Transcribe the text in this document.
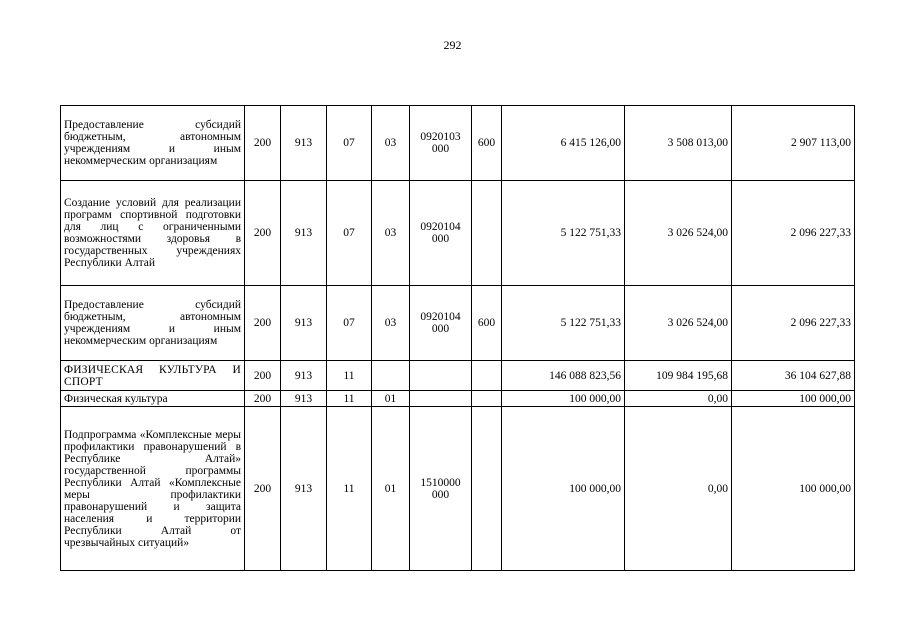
292
Предоставление субсидий бюджетным, автономным учреждениям и иным некоммерческим организациям	200	913	07	03	0920103 000	600	6 415 126,00	3 508 013,00	2 907 113,00
Создание условий для реализации программ спортивной подготовки для лиц с ограниченными возможностями здоровья в государственных учреждениях Республики Алтай	200	913	07	03	0920104 000		5 122 751,33	3 026 524,00	2 096 227,33
Предоставление субсидий бюджетным, автономным учреждениям и иным некоммерческим организациям	200	913	07	03	0920104 000	600	5 122 751,33	3 026 524,00	2 096 227,33
ФИЗИЧЕСКАЯ КУЛЬТУРА И СПОРТ	200	913	11				146 088 823,56	109 984 195,68	36 104 627,88
Физическая культура	200	913	11	01			100 000,00	0,00	100 000,00
Подпрограмма «Комплексные меры профилактики правонарушений в Республике Алтай» государственной программы Республики Алтай «Комплексные меры профилактики правонарушений и защита населения и территории Республики Алтай от чрезвычайных ситуаций»	200	913	11	01	1510000 000		100 000,00	0,00	100 000,00
